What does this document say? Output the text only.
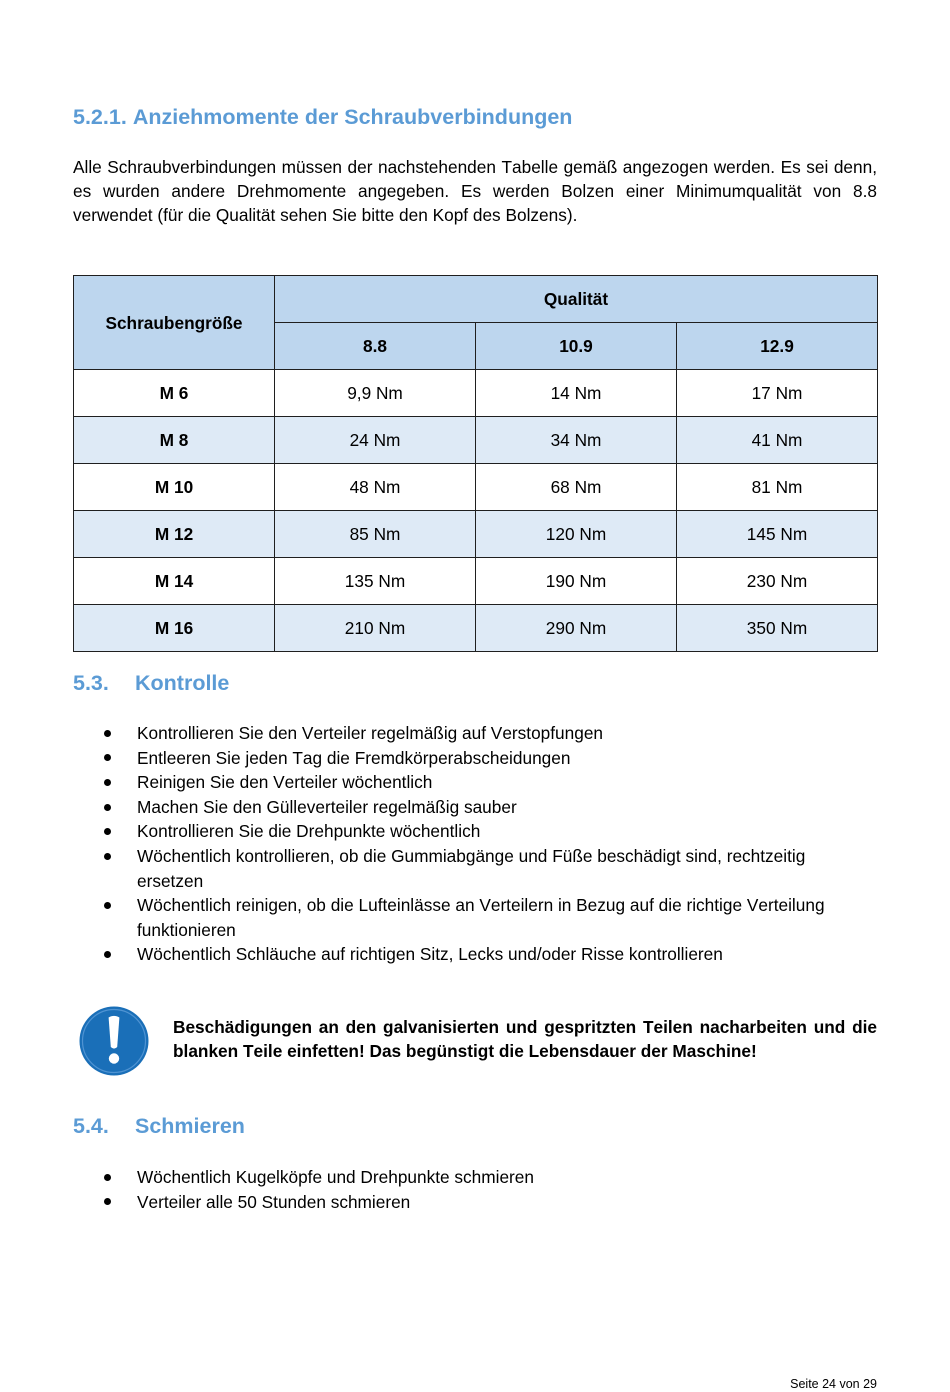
5.2.1. Anziehmomente der Schraubverbindungen

Alle Schraubverbindungen müssen der nachstehenden Tabelle gemäß angezogen werden. Es sei denn, es wurden andere Drehmomente angegeben. Es werden Bolzen einer Minimumqualität von 8.8 verwendet (für die Qualität sehen Sie bitte den Kopf des Bolzens).

Schraubengröße	Qualität		
	8.8	10.9	12.9
M 6	9,9 Nm	14 Nm	17 Nm
M 8	24 Nm	34 Nm	41 Nm
M 10	48 Nm	68 Nm	81 Nm
M 12	85 Nm	120 Nm	145 Nm
M 14	135 Nm	190 Nm	230 Nm
M 16	210 Nm	290 Nm	350 Nm
5.3. Kontrolle
Kontrollieren Sie den Verteiler regelmäßig auf Verstopfungen
Entleeren Sie jeden Tag die Fremdkörperabscheidungen
Reinigen Sie den Verteiler wöchentlich
Machen Sie den Gülleverteiler regelmäßig sauber
Kontrollieren Sie die Drehpunkte wöchentlich
Wöchentlich kontrollieren, ob die Gummiabgänge und Füße beschädigt sind, rechtzeitig ersetzen
Wöchentlich reinigen, ob die Lufteinlässe an Verteilern in Bezug auf die richtige Verteilung funktionieren
Wöchentlich Schläuche auf richtigen Sitz, Lecks und/oder Risse kontrollieren

Beschädigungen an den galvanisierten und gespritzten Teilen nacharbeiten und die blanken Teile einfetten! Das begünstigt die Lebensdauer der Maschine!

5.4. Schmieren
Wöchentlich Kugelköpfe und Drehpunkte schmieren
Verteiler alle 50 Stunden schmieren
Seite 24 von 29
